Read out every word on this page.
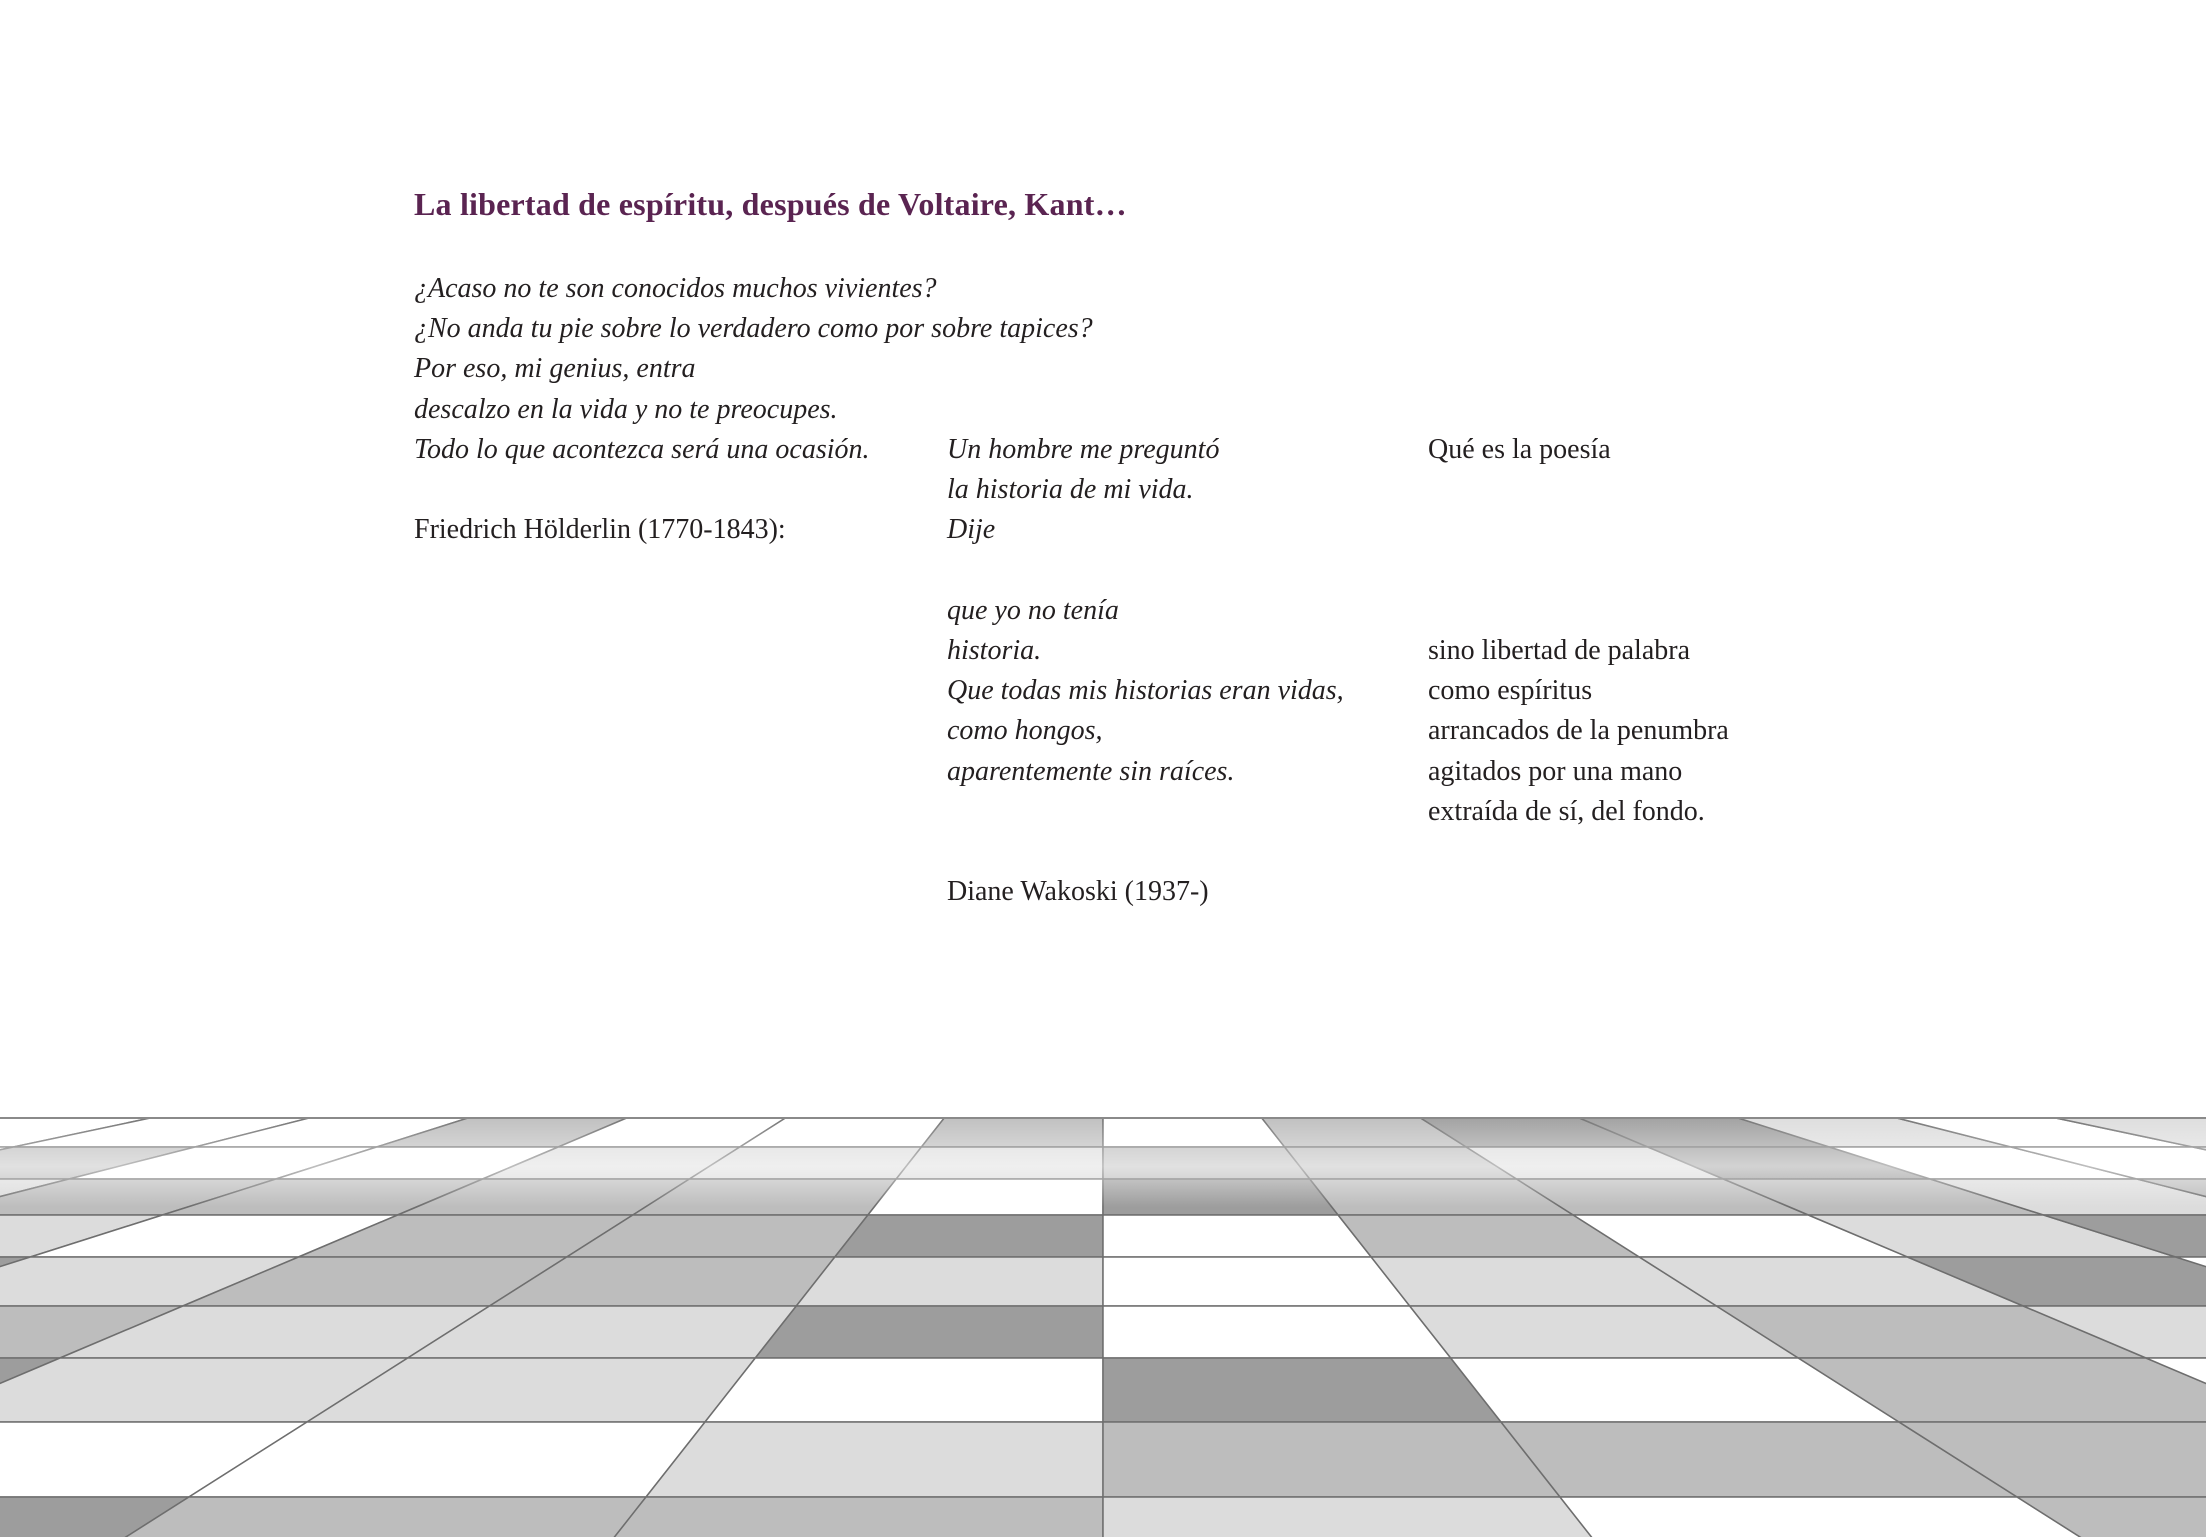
La libertad de espíritu, después de Voltaire, Kant…
¿Acaso no te son conocidos muchos vivientes?
¿No anda tu pie sobre lo verdadero como por sobre tapices?
Por eso, mi genius, entra
descalzo en la vida y no te preocupes.
Todo lo que acontezca será una ocasión.
Friedrich Hölderlin (1770-1843):
Un hombre me preguntó
la historia de mi vida.
Dije
que yo no tenía
historia.
Que todas mis historias eran vidas,
como hongos,
aparentemente sin raíces.
Diane Wakoski (1937-)
Qué es la poesía
sino libertad de palabra
como espíritus
arrancados de la penumbra
agitados por una mano
extraída de sí, del fondo.
